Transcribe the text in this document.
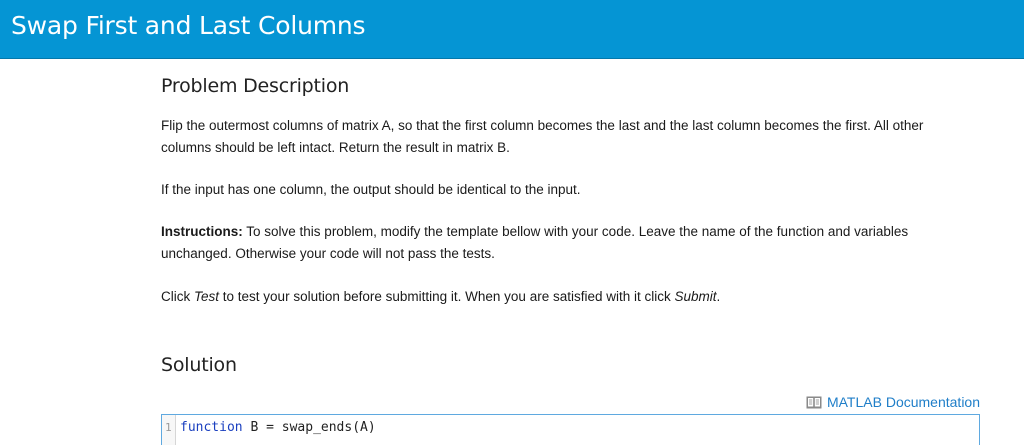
Swap First and Last Columns
Problem Description

Flip the outermost columns of matrix A, so that the first column becomes the last and the last column becomes the first. All other columns should be left intact. Return the result in matrix B.

If the input has one column, the output should be identical to the input.

Instructions: To solve this problem, modify the template bellow with your code. Leave the name of the function and variables unchanged. Otherwise your code will not pass the tests.

Click Test to test your solution before submitting it. When you are satisfied with it click Submit.

Solution
MATLAB Documentation
1 function B = swap_ends(A)
